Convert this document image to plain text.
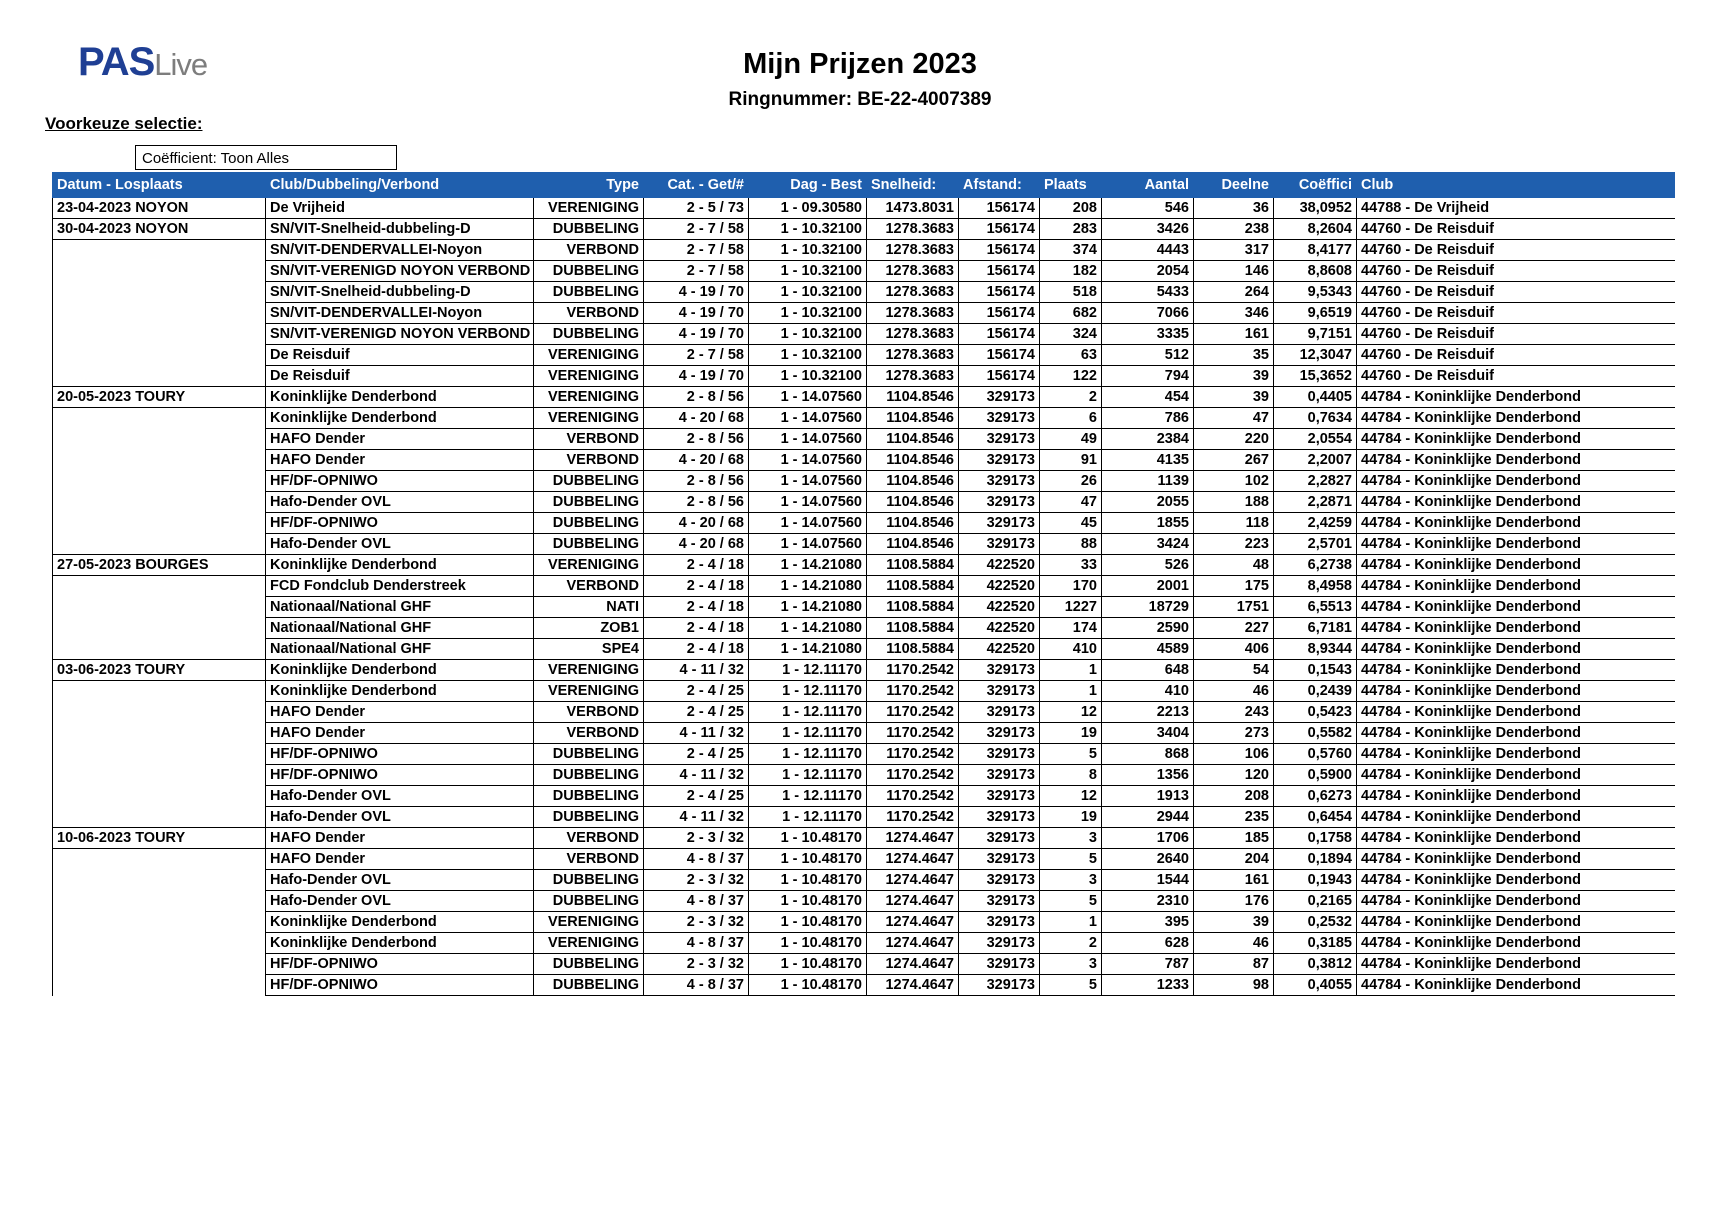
PASLive	Mijn Prijzen 2023
Ringnummer: BE-22-4007389
Voorkeuze selectie:
Coëfficient: Toon Alles
Datum - Losplaats	Club/Dubbeling/Verbond	Type	Cat. - Get/#	Dag - Best	Snelheid:	Afstand:	Plaats	Aantal	Deelne	Coëffici	Club
23-04-2023 NOYON	De Vrijheid	VERENIGING	2 - 5 / 73	1 - 09.30580	1473.8031	156174	208	546	36	38,0952	44788 - De Vrijheid
30-04-2023 NOYON	SN/VIT-Snelheid-dubbeling-D	DUBBELING	2 - 7 / 58	1 - 10.32100	1278.3683	156174	283	3426	238	8,2604	44760 - De Reisduif
	SN/VIT-DENDERVALLEI-Noyon	VERBOND	2 - 7 / 58	1 - 10.32100	1278.3683	156174	374	4443	317	8,4177	44760 - De Reisduif
	SN/VIT-VERENIGD NOYON VERBOND	DUBBELING	2 - 7 / 58	1 - 10.32100	1278.3683	156174	182	2054	146	8,8608	44760 - De Reisduif
	SN/VIT-Snelheid-dubbeling-D	DUBBELING	4 - 19 / 70	1 - 10.32100	1278.3683	156174	518	5433	264	9,5343	44760 - De Reisduif
	SN/VIT-DENDERVALLEI-Noyon	VERBOND	4 - 19 / 70	1 - 10.32100	1278.3683	156174	682	7066	346	9,6519	44760 - De Reisduif
	SN/VIT-VERENIGD NOYON VERBOND	DUBBELING	4 - 19 / 70	1 - 10.32100	1278.3683	156174	324	3335	161	9,7151	44760 - De Reisduif
	De Reisduif	VERENIGING	2 - 7 / 58	1 - 10.32100	1278.3683	156174	63	512	35	12,3047	44760 - De Reisduif
	De Reisduif	VERENIGING	4 - 19 / 70	1 - 10.32100	1278.3683	156174	122	794	39	15,3652	44760 - De Reisduif
20-05-2023 TOURY	Koninklijke Denderbond	VERENIGING	2 - 8 / 56	1 - 14.07560	1104.8546	329173	2	454	39	0,4405	44784 - Koninklijke Denderbond
	Koninklijke Denderbond	VERENIGING	4 - 20 / 68	1 - 14.07560	1104.8546	329173	6	786	47	0,7634	44784 - Koninklijke Denderbond
	HAFO Dender	VERBOND	2 - 8 / 56	1 - 14.07560	1104.8546	329173	49	2384	220	2,0554	44784 - Koninklijke Denderbond
	HAFO Dender	VERBOND	4 - 20 / 68	1 - 14.07560	1104.8546	329173	91	4135	267	2,2007	44784 - Koninklijke Denderbond
	HF/DF-OPNIWO	DUBBELING	2 - 8 / 56	1 - 14.07560	1104.8546	329173	26	1139	102	2,2827	44784 - Koninklijke Denderbond
	Hafo-Dender OVL	DUBBELING	2 - 8 / 56	1 - 14.07560	1104.8546	329173	47	2055	188	2,2871	44784 - Koninklijke Denderbond
	HF/DF-OPNIWO	DUBBELING	4 - 20 / 68	1 - 14.07560	1104.8546	329173	45	1855	118	2,4259	44784 - Koninklijke Denderbond
	Hafo-Dender OVL	DUBBELING	4 - 20 / 68	1 - 14.07560	1104.8546	329173	88	3424	223	2,5701	44784 - Koninklijke Denderbond
27-05-2023 BOURGES	Koninklijke Denderbond	VERENIGING	2 - 4 / 18	1 - 14.21080	1108.5884	422520	33	526	48	6,2738	44784 - Koninklijke Denderbond
	FCD Fondclub Denderstreek	VERBOND	2 - 4 / 18	1 - 14.21080	1108.5884	422520	170	2001	175	8,4958	44784 - Koninklijke Denderbond
	Nationaal/National GHF	NATI	2 - 4 / 18	1 - 14.21080	1108.5884	422520	1227	18729	1751	6,5513	44784 - Koninklijke Denderbond
	Nationaal/National GHF	ZOB1	2 - 4 / 18	1 - 14.21080	1108.5884	422520	174	2590	227	6,7181	44784 - Koninklijke Denderbond
	Nationaal/National GHF	SPE4	2 - 4 / 18	1 - 14.21080	1108.5884	422520	410	4589	406	8,9344	44784 - Koninklijke Denderbond
03-06-2023 TOURY	Koninklijke Denderbond	VERENIGING	4 - 11 / 32	1 - 12.11170	1170.2542	329173	1	648	54	0,1543	44784 - Koninklijke Denderbond
	Koninklijke Denderbond	VERENIGING	2 - 4 / 25	1 - 12.11170	1170.2542	329173	1	410	46	0,2439	44784 - Koninklijke Denderbond
	HAFO Dender	VERBOND	2 - 4 / 25	1 - 12.11170	1170.2542	329173	12	2213	243	0,5423	44784 - Koninklijke Denderbond
	HAFO Dender	VERBOND	4 - 11 / 32	1 - 12.11170	1170.2542	329173	19	3404	273	0,5582	44784 - Koninklijke Denderbond
	HF/DF-OPNIWO	DUBBELING	2 - 4 / 25	1 - 12.11170	1170.2542	329173	5	868	106	0,5760	44784 - Koninklijke Denderbond
	HF/DF-OPNIWO	DUBBELING	4 - 11 / 32	1 - 12.11170	1170.2542	329173	8	1356	120	0,5900	44784 - Koninklijke Denderbond
	Hafo-Dender OVL	DUBBELING	2 - 4 / 25	1 - 12.11170	1170.2542	329173	12	1913	208	0,6273	44784 - Koninklijke Denderbond
	Hafo-Dender OVL	DUBBELING	4 - 11 / 32	1 - 12.11170	1170.2542	329173	19	2944	235	0,6454	44784 - Koninklijke Denderbond
10-06-2023 TOURY	HAFO Dender	VERBOND	2 - 3 / 32	1 - 10.48170	1274.4647	329173	3	1706	185	0,1758	44784 - Koninklijke Denderbond
	HAFO Dender	VERBOND	4 - 8 / 37	1 - 10.48170	1274.4647	329173	5	2640	204	0,1894	44784 - Koninklijke Denderbond
	Hafo-Dender OVL	DUBBELING	2 - 3 / 32	1 - 10.48170	1274.4647	329173	3	1544	161	0,1943	44784 - Koninklijke Denderbond
	Hafo-Dender OVL	DUBBELING	4 - 8 / 37	1 - 10.48170	1274.4647	329173	5	2310	176	0,2165	44784 - Koninklijke Denderbond
	Koninklijke Denderbond	VERENIGING	2 - 3 / 32	1 - 10.48170	1274.4647	329173	1	395	39	0,2532	44784 - Koninklijke Denderbond
	Koninklijke Denderbond	VERENIGING	4 - 8 / 37	1 - 10.48170	1274.4647	329173	2	628	46	0,3185	44784 - Koninklijke Denderbond
	HF/DF-OPNIWO	DUBBELING	2 - 3 / 32	1 - 10.48170	1274.4647	329173	3	787	87	0,3812	44784 - Koninklijke Denderbond
	HF/DF-OPNIWO	DUBBELING	4 - 8 / 37	1 - 10.48170	1274.4647	329173	5	1233	98	0,4055	44784 - Koninklijke Denderbond
